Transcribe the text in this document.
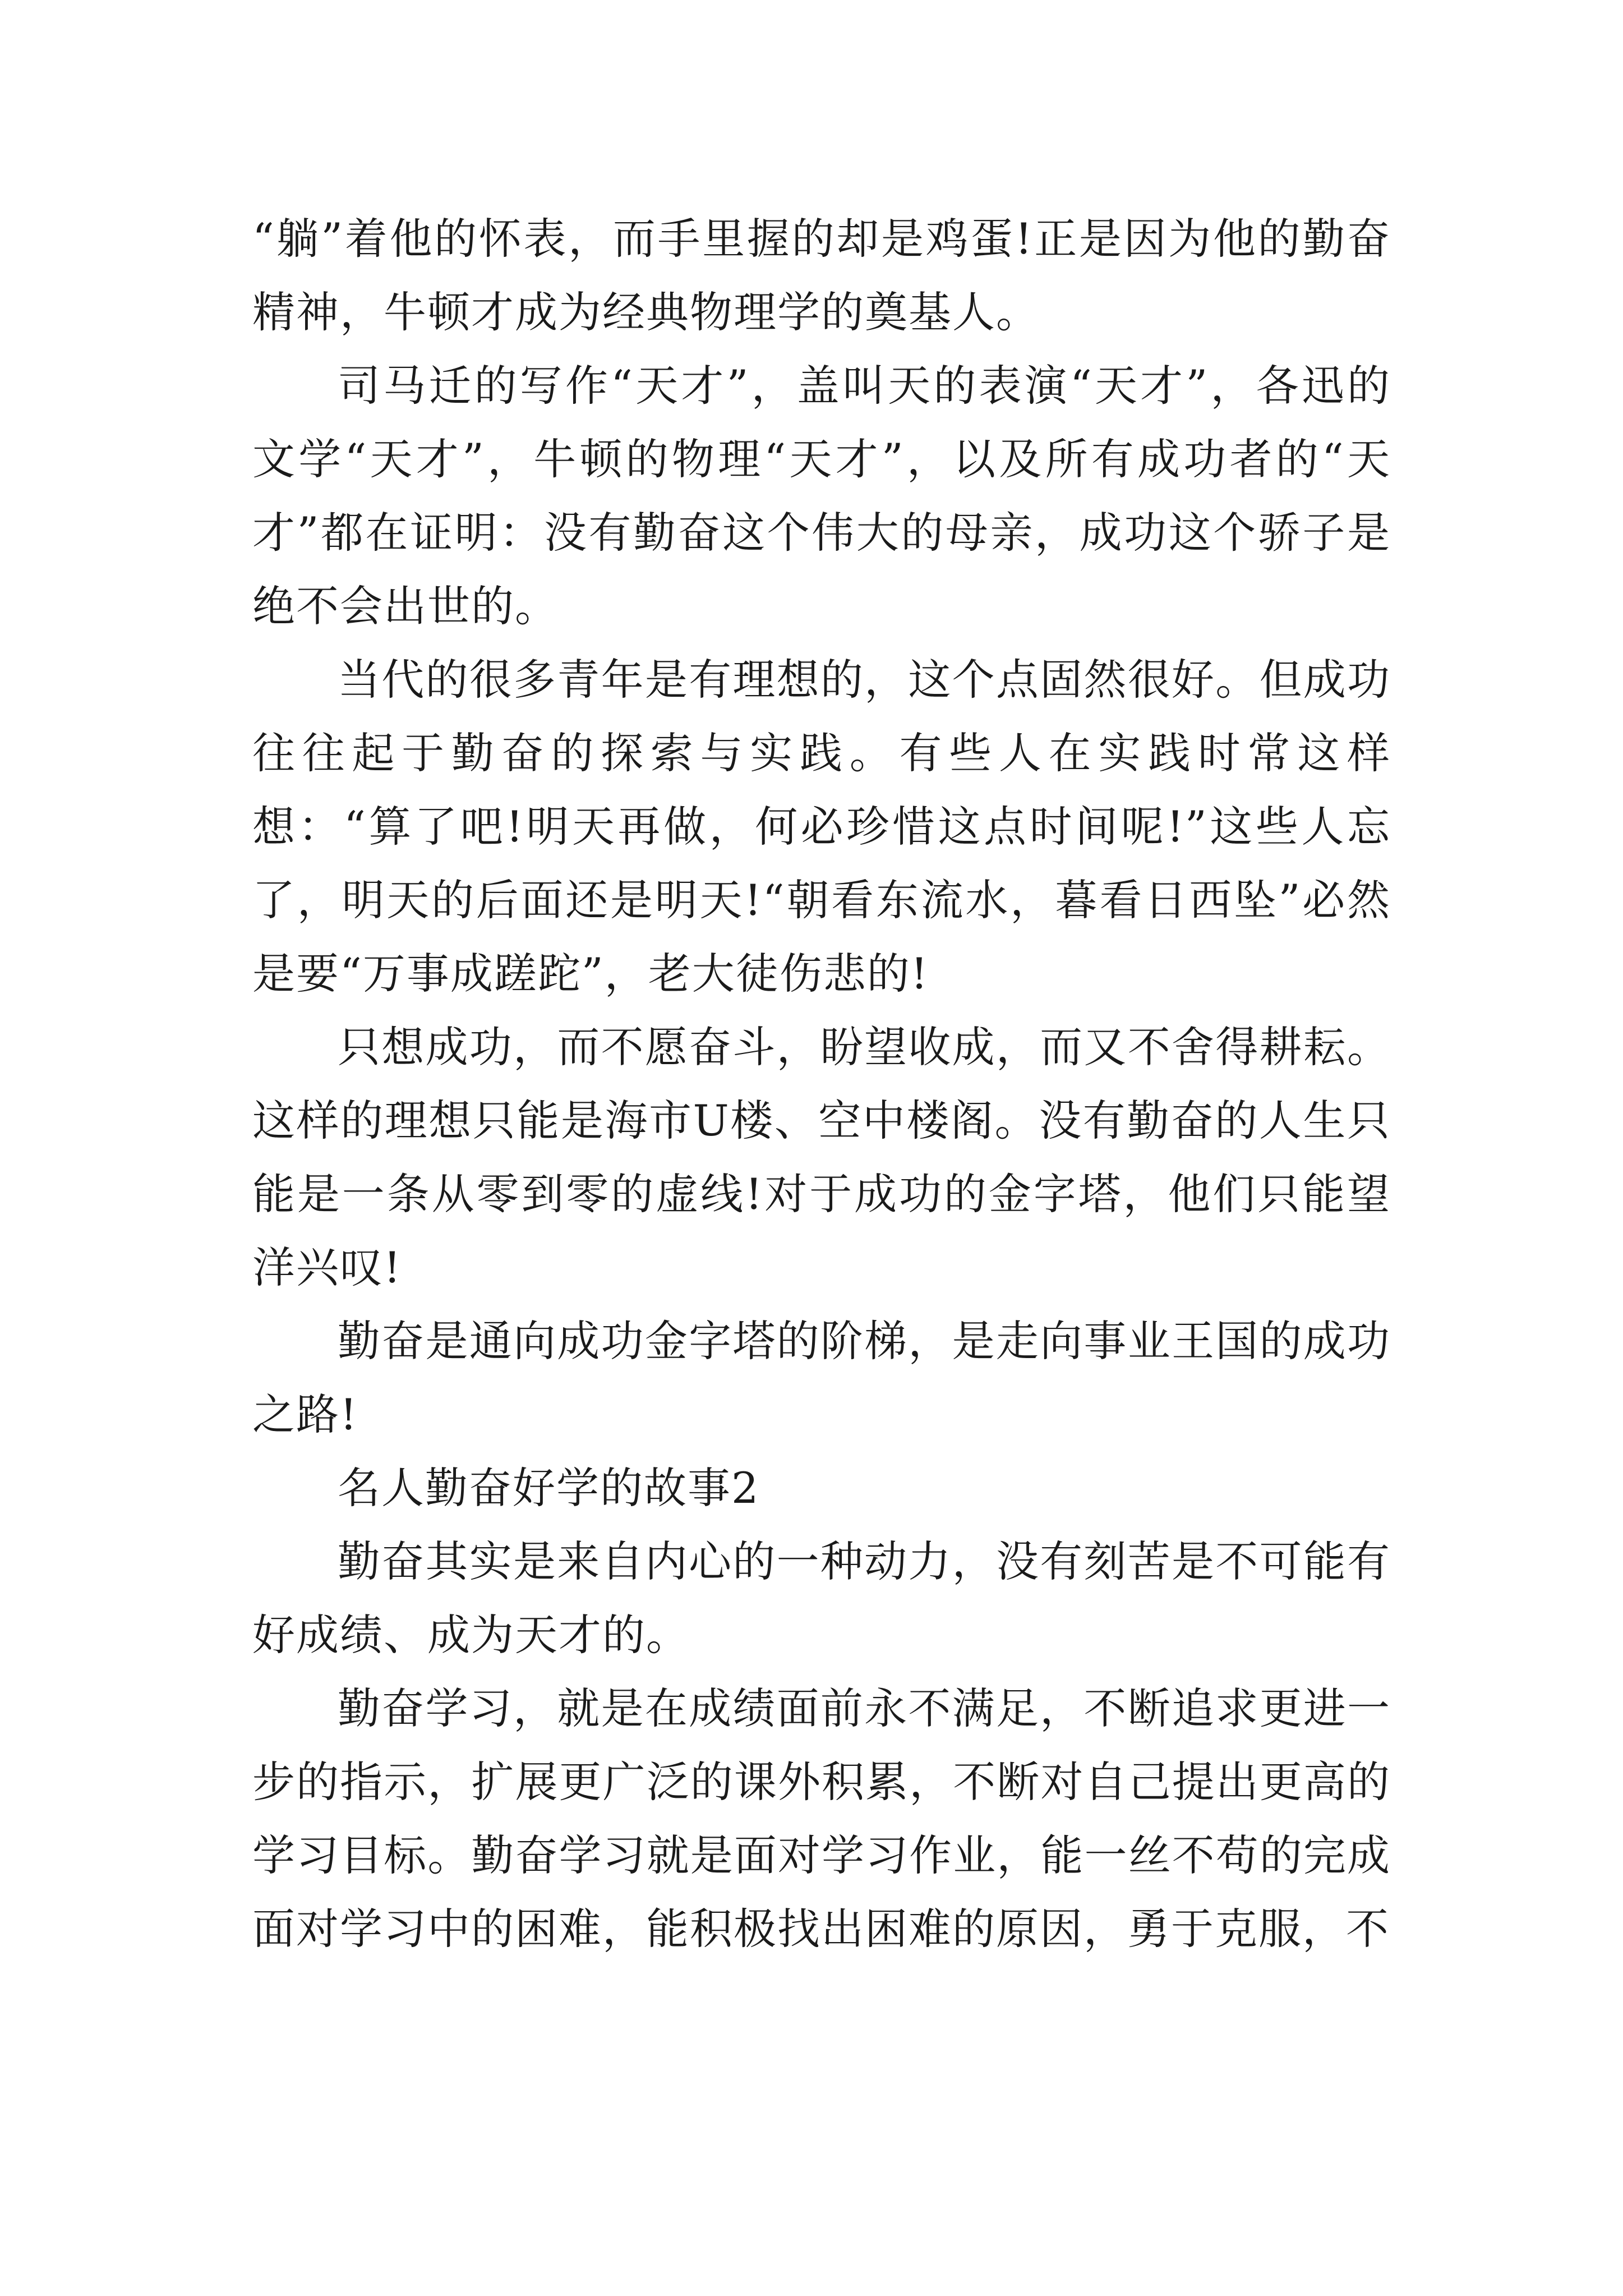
“躺”着他的怀表，而手里握的却是鸡蛋!正是因为他的勤奋精神，牛顿才成为经典物理学的奠基人。

司马迁的写作“天才”，盖叫天的表演“天才”，各迅的文学“天才”，牛顿的物理“天才”，以及所有成功者的“天才”都在证明：没有勤奋这个伟大的母亲，成功这个骄子是绝不会出世的。

当代的很多青年是有理想的，这个点固然很好。但成功往往起于勤奋的探索与实践。有些人在实践时常这样想：“算了吧!明天再做，何必珍惜这点时间呢!”这些人忘了，明天的后面还是明天!“朝看东流水，暮看日西坠”必然是要“万事成蹉跎”，老大徒伤悲的!

只想成功，而不愿奋斗，盼望收成，而又不舍得耕耘。这样的理想只能是海市U楼、空中楼阁。没有勤奋的人生只能是一条从零到零的虚线!对于成功的金字塔，他们只能望洋兴叹!

勤奋是通向成功金字塔的阶梯，是走向事业王国的成功之路!

名人勤奋好学的故事2

勤奋其实是来自内心的一种动力，没有刻苦是不可能有好成绩、成为天才的。

勤奋学习，就是在成绩面前永不满足，不断追求更进一步的指示，扩展更广泛的课外积累，不断对自己提出更高的学习目标。勤奋学习就是面对学习作业，能一丝不苟的完成面对学习中的困难，能积极找出困难的原因，勇于克服，不
